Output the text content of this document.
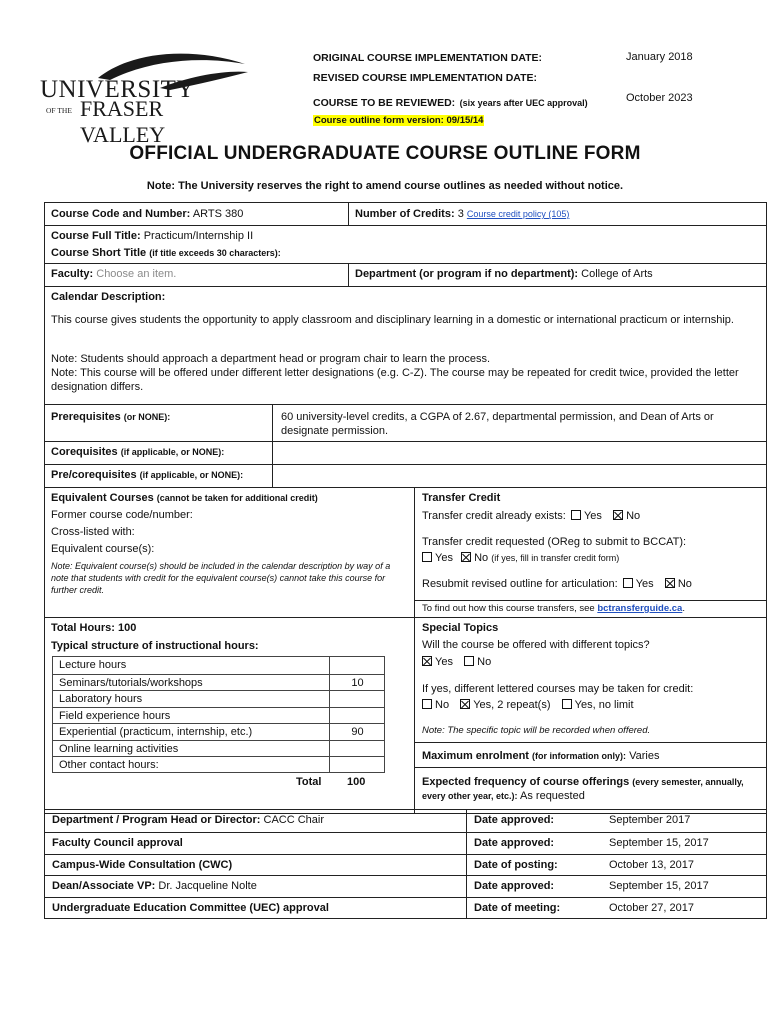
UNIVERSITY
OF THE FRASER VALLEY
ORIGINAL COURSE IMPLEMENTATION DATE:	January 2018
REVISED COURSE IMPLEMENTATION DATE:
COURSE TO BE REVIEWED: (six years after UEC approval)	October 2023
Course outline form version: 09/15/14
OFFICIAL UNDERGRADUATE COURSE OUTLINE FORM
Note: The University reserves the right to amend course outlines as needed without notice.
Course Code and Number: ARTS 380	Number of Credits: 3 Course credit policy (105)
Course Full Title: Practicum/Internship II
Course Short Title (if title exceeds 30 characters):
Faculty: Choose an item.	Department (or program if no department): College of Arts
Calendar Description:
This course gives students the opportunity to apply classroom and disciplinary learning in a domestic or international practicum or internship.
Note: Students should approach a department head or program chair to learn the process.
Note: This course will be offered under different letter designations (e.g. C-Z). The course may be repeated for credit twice, provided the letter designation differs.
Prerequisites (or NONE):	60 university-level credits, a CGPA of 2.67, departmental permission, and Dean of Arts or designate permission.
Corequisites (if applicable, or NONE):
Pre/corequisites (if applicable, or NONE):
Equivalent Courses (cannot be taken for additional credit)
Former course code/number:
Cross-listed with:
Equivalent course(s):
Note: Equivalent course(s) should be included in the calendar description by way of a note that students with credit for the equivalent course(s) cannot take this course for further credit.
Transfer Credit
Transfer credit already exists: Yes No
Transfer credit requested (OReg to submit to BCCAT):
Yes No (if yes, fill in transfer credit form)
Resubmit revised outline for articulation: Yes No
To find out how this course transfers, see bctransferguide.ca.
Total Hours: 100
Typical structure of instructional hours:
Lecture hours
Seminars/tutorials/workshops	10
Laboratory hours
Field experience hours
Experiential (practicum, internship, etc.)	90
Online learning activities
Other contact hours:
Total 100
Special Topics
Will the course be offered with different topics?
Yes No
If yes, different lettered courses may be taken for credit:
No Yes, 2 repeat(s) Yes, no limit
Note: The specific topic will be recorded when offered.
Maximum enrolment (for information only): Varies
Expected frequency of course offerings (every semester, annually, every other year, etc.): As requested
Department / Program Head or Director: CACC Chair	Date approved:	September 2017
Faculty Council approval	Date approved:	September 15, 2017
Campus-Wide Consultation (CWC)	Date of posting:	October 13, 2017
Dean/Associate VP: Dr. Jacqueline Nolte	Date approved:	September 15, 2017
Undergraduate Education Committee (UEC) approval	Date of meeting:	October 27, 2017
